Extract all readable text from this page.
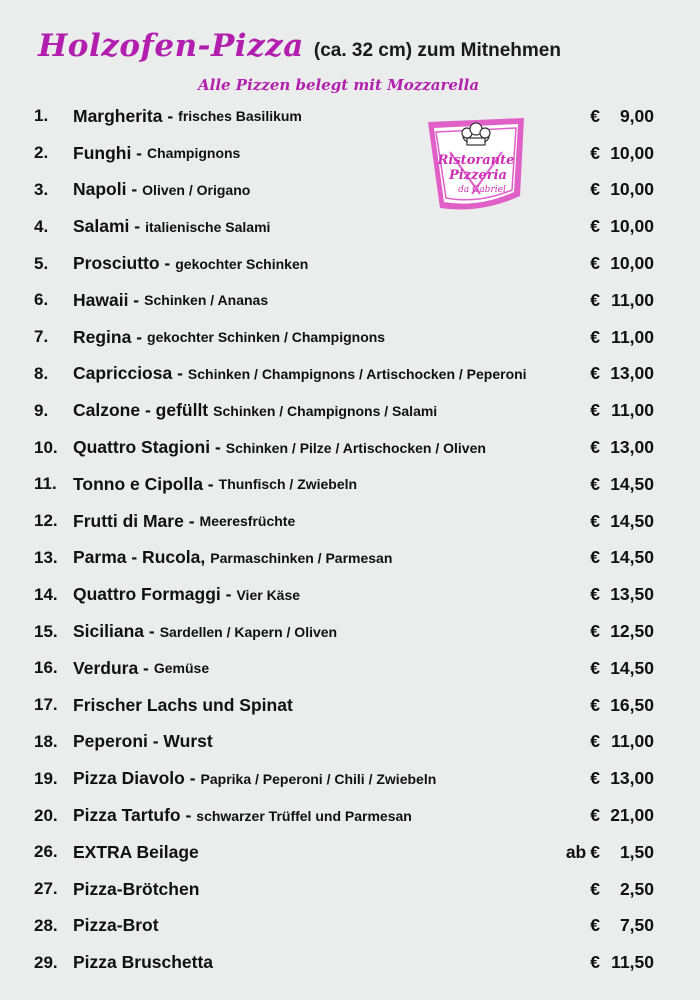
Holzofen-Pizza (ca. 32 cm) zum Mitnehmen
Alle Pizzen belegt mit Mozzarella
Ristorante
Pizzeria
da Gabriel
1.	Margherita - frisches Basilikum	€	9,00
2.	Funghi - Champignons	€ 10,00
3.	Napoli - Oliven / Origano	€ 10,00
4.	Salami - italienische Salami	€ 10,00
5.	Prosciutto - gekochter Schinken	€ 10,00
6.	Hawaii - Schinken / Ananas	€ 11,00
7.	Regina - gekochter Schinken / Champignons	€ 11,00
8.	Capricciosa - Schinken / Champignons / Artischocken / Peperoni	€ 13,00
9.	Calzone - gefüllt Schinken / Champignons / Salami	€ 11,00
10. Quattro Stagioni - Schinken / Pilze / Artischocken / Oliven	€ 13,00
11. Tonno e Cipolla - Thunfisch / Zwiebeln	€ 14,50
12. Frutti di Mare - Meeresfrüchte	€ 14,50
13. Parma - Rucola, Parmaschinken / Parmesan	€ 14,50
14. Quattro Formaggi - Vier Käse	€ 13,50
15. Siciliana - Sardellen / Kapern / Oliven	€ 12,50
16. Verdura - Gemüse	€ 14,50
17. Frischer Lachs und Spinat	€ 16,50
18. Peperoni - Wurst	€ 11,00
19. Pizza Diavolo - Paprika / Peperoni / Chili / Zwiebeln	€ 13,00
20. Pizza Tartufo - schwarzer Trüffel und Parmesan	€ 21,00
26. EXTRA Beilage	ab €	1,50
27. Pizza-Brötchen	€	2,50
28. Pizza-Brot	€	7,50
29. Pizza Bruschetta	€ 11,50
